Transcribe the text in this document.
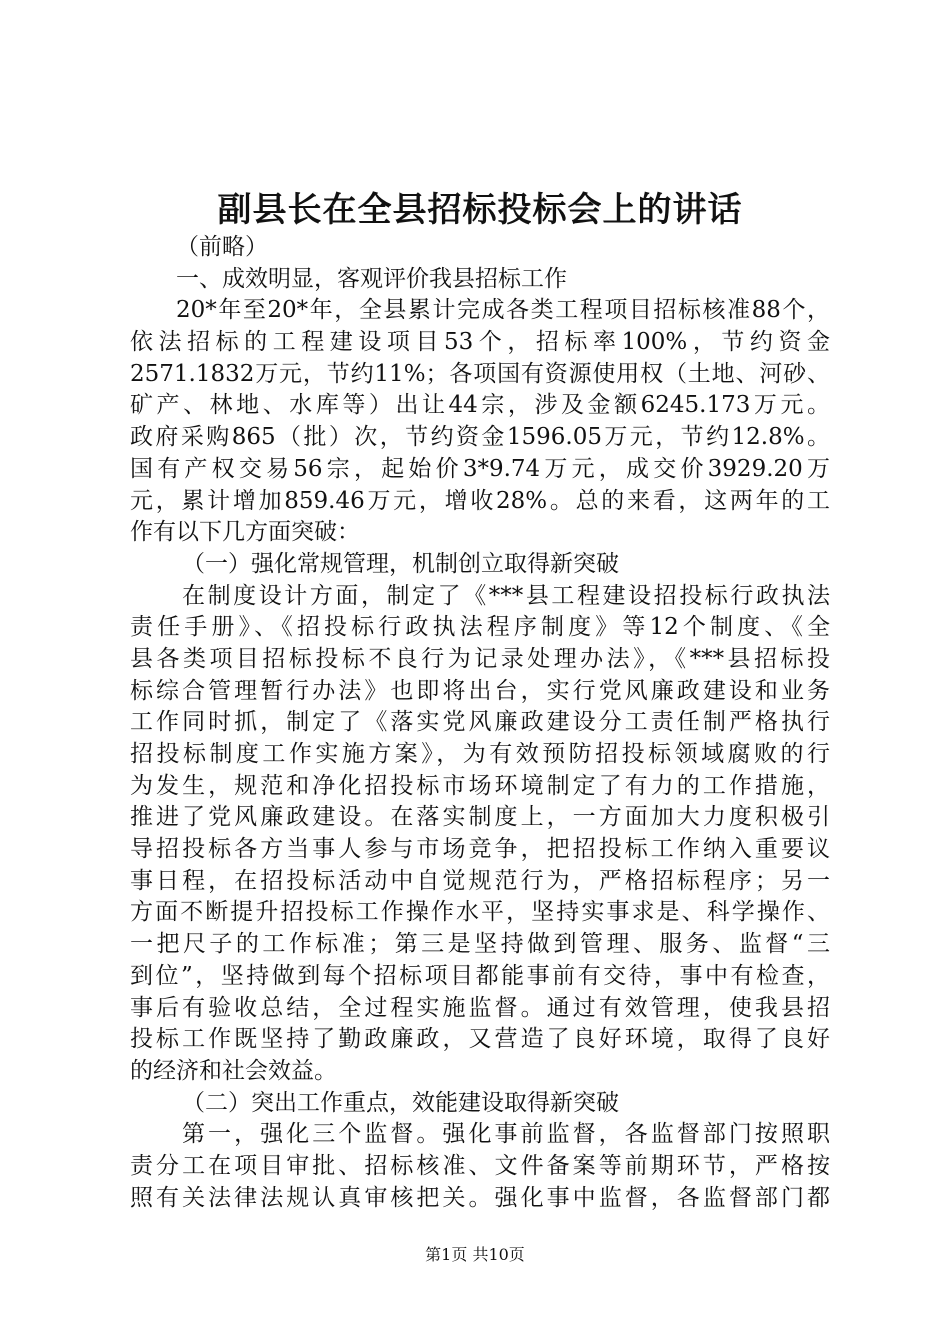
副县长在全县招标投标会上的讲话
（前略）
一、成效明显，客观评价我县招标工作
20*年至20*年，全县累计完成各类工程项目招标核准88个，
依法招标的工程建设项目53个，招标率100%，节约资金
2571.1832万元，节约11%；各项国有资源使用权（土地、河砂、
矿产、林地、水库等）出让44宗，涉及金额6245.173万元。
政府采购865（批）次，节约资金1596.05万元，节约12.8%。
国有产权交易56宗，起始价3*9.74万元，成交价3929.20万
元，累计增加859.46万元，增收28%。总的来看，这两年的工
作有以下几方面突破：
（一）强化常规管理，机制创立取得新突破
在制度设计方面，制定了《***县工程建设招投标行政执法
责任手册》、《招投标行政执法程序制度》等12个制度、《全
县各类项目招标投标不良行为记录处理办法》，《***县招标投
标综合管理暂行办法》也即将出台，实行党风廉政建设和业务
工作同时抓，制定了《落实党风廉政建设分工责任制严格执行
招投标制度工作实施方案》，为有效预防招投标领域腐败的行
为发生，规范和净化招投标市场环境制定了有力的工作措施，
推进了党风廉政建设。在落实制度上，一方面加大力度积极引
导招投标各方当事人参与市场竞争，把招投标工作纳入重要议
事日程，在招投标活动中自觉规范行为，严格招标程序；另一
方面不断提升招投标工作操作水平，坚持实事求是、科学操作、
一把尺子的工作标准；第三是坚持做到管理、服务、监督“三
到位”，坚持做到每个招标项目都能事前有交待，事中有检查，
事后有验收总结，全过程实施监督。通过有效管理，使我县招
投标工作既坚持了勤政廉政，又营造了良好环境，取得了良好
的经济和社会效益。
（二）突出工作重点，效能建设取得新突破
第一，强化三个监督。强化事前监督，各监督部门按照职
责分工在项目审批、招标核准、文件备案等前期环节，严格按
照有关法律法规认真审核把关。强化事中监督，各监督部门都
第1页 共10页
